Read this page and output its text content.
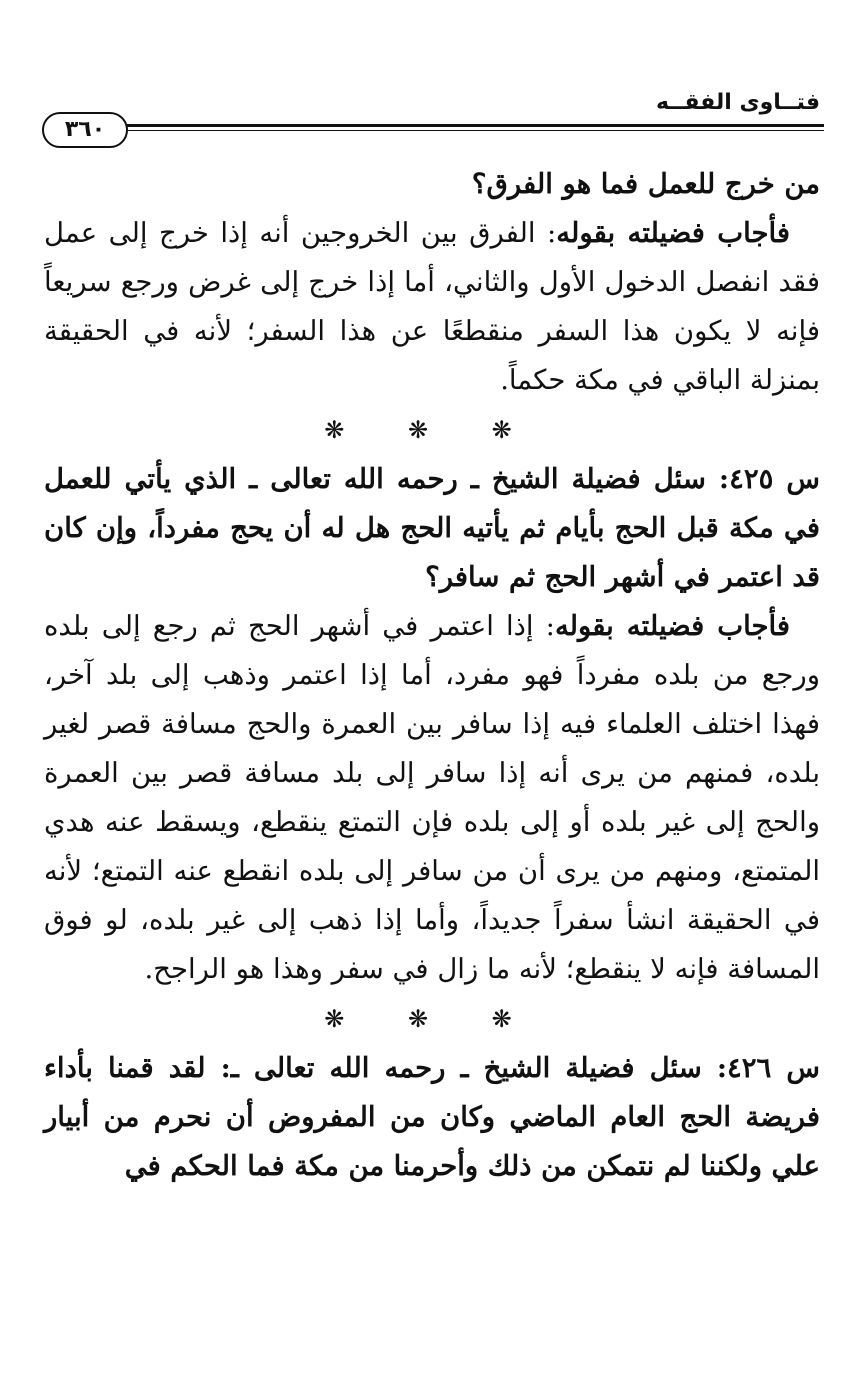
فتــاوى الفقــه
٣٦٠

من خرج للعمل فما هو الفرق؟

فأجاب فضيلته بقوله: الفرق بين الخروجين أنه إذا خرج إلى عمل فقد انفصل الدخول الأول والثاني، أما إذا خرج إلى غرض ورجع سريعاً فإنه لا يكون هذا السفر منقطعًا عن هذا السفر؛ لأنه في الحقيقة بمنزلة الباقي في مكة حكماً.

❋ ❋ ❋

س ٤٢٥: سئل فضيلة الشيخ ـ رحمه الله تعالى ـ الذي يأتي للعمل في مكة قبل الحج بأيام ثم يأتيه الحج هل له أن يحج مفرداً، وإن كان قد اعتمر في أشهر الحج ثم سافر؟

فأجاب فضيلته بقوله: إذا اعتمر في أشهر الحج ثم رجع إلى بلده ورجع من بلده مفرداً فهو مفرد، أما إذا اعتمر وذهب إلى بلد آخر، فهذا اختلف العلماء فيه إذا سافر بين العمرة والحج مسافة قصر لغير بلده، فمنهم من يرى أنه إذا سافر إلى بلد مسافة قصر بين العمرة والحج إلى غير بلده أو إلى بلده فإن التمتع ينقطع، ويسقط عنه هدي المتمتع، ومنهم من يرى أن من سافر إلى بلده انقطع عنه التمتع؛ لأنه في الحقيقة انشأ سفراً جديداً، وأما إذا ذهب إلى غير بلده، لو فوق المسافة فإنه لا ينقطع؛ لأنه ما زال في سفر وهذا هو الراجح.

❋ ❋ ❋

س ٤٢٦: سئل فضيلة الشيخ ـ رحمه الله تعالى ـ: لقد قمنا بأداء فريضة الحج العام الماضي وكان من المفروض أن نحرم من أبيار علي ولكننا لم نتمكن من ذلك وأحرمنا من مكة فما الحكم في
